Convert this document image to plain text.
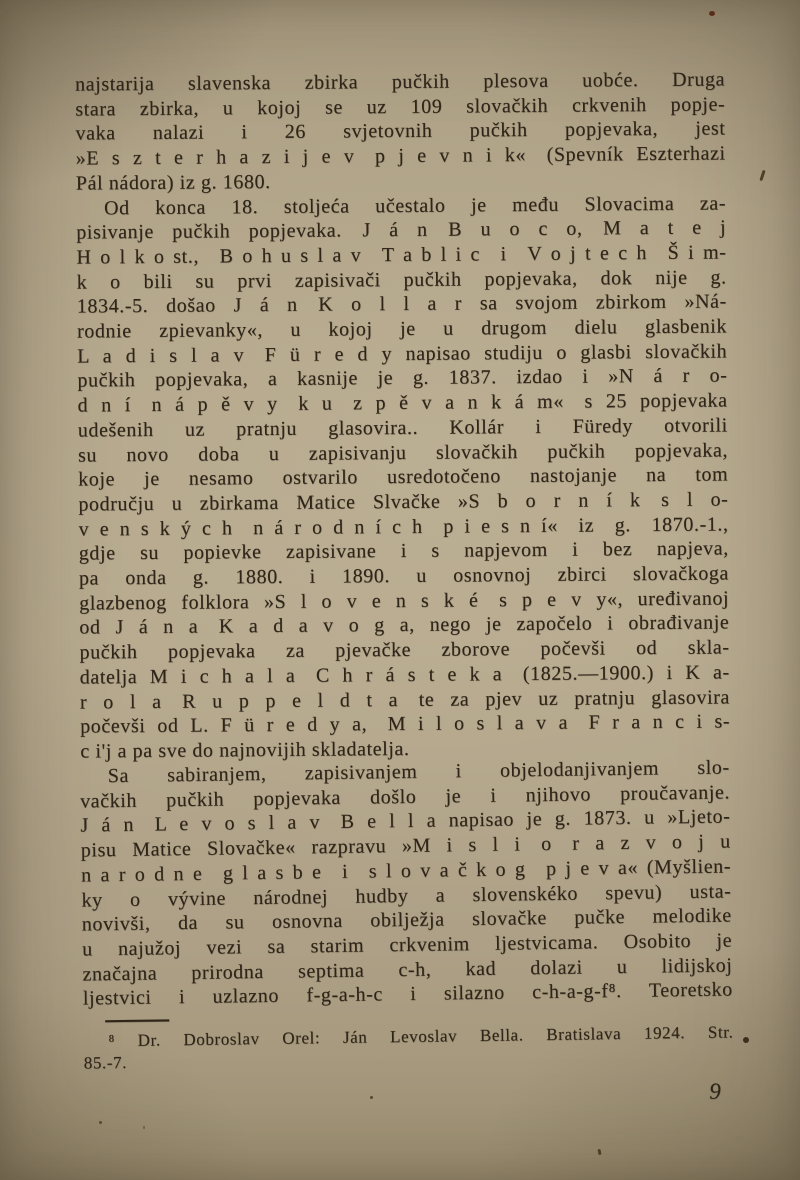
najstarija slavenska zbirka pučkih plesova uobće. Druga
stara zbirka, u kojoj se uz 109 slovačkih crkvenih popje-
vaka nalazi i 26 svjetovnih pučkih popjevaka, jest
»E s z t e r h a z i j e v p j e v n i k« (Spevník Eszterhazi
Pál nádora) iz g. 1680.
Od konca 18. stoljeća učestalo je među Slovacima za-
pisivanje pučkih popjevaka. J á n B u o c o, M a t e j
H o l k o st., B o h u s l a v T a b l i c i V o j t e c h Š i m-
k o bili su prvi zapisivači pučkih popjevaka, dok nije g.
1834.-5. došao J á n K o l l a r sa svojom zbirkom »Ná-
rodnie zpievanky«, u kojoj je u drugom dielu glasbenik
L a d i s l a v F ü r e d y napisao studiju o glasbi slovačkih
pučkih popjevaka, a kasnije je g. 1837. izdao i »N á r o-
d n í n á p ě v y k u z p ě v a n k á m« s 25 popjevaka
udešenih uz pratnju glasovira.. Kollár i Füredy otvorili
su novo doba u zapisivanju slovačkih pučkih popjevaka,
koje je nesamo ostvarilo usredotočeno nastojanje na tom
području u zbirkama Matice Slvačke »S b o r n í k s l o-
v e n s k ý c h n á r o d n í c h p i e s n í« iz g. 1870.-1.,
gdje su popievke zapisivane i s napjevom i bez napjeva,
pa onda g. 1880. i 1890. u osnovnoj zbirci slovačkoga
glazbenog folklora »S l o v e n s k é s p e v y«, uređivanoj
od J á n a K a d a v o g a, nego je započelo i obrađivanje
pučkih popjevaka za pjevačke zborove počevši od skla-
datelja M i c h a l a C h r á s t e k a (1825.—1900.) i K a-
r o l a R u p p e l d t a te za pjev uz pratnju glasovira
počevši od L. F ü r e d y a, M i l o s l a v a F r a n c i s-
c i'j a pa sve do najnovijih skladatelja.
Sa sabiranjem, zapisivanjem i objelodanjivanjem slo-
vačkih pučkih popjevaka došlo je i njihovo proučavanje.
J á n L e v o s l a v B e l l a napisao je g. 1873. u »Ljeto-
pisu Matice Slovačke« razpravu »M i s l i o r a z v o j u
n a r o d n e g l a s b e i s l o v a č k o g p j e v a« (Myšlien-
ky o vývine národnej hudby a slovenskéko spevu) usta-
novivši, da su osnovna obilježja slovačke pučke melodike
u najužoj vezi sa starim crkvenim ljestvicama. Osobito je
značajna prirodna septima c-h, kad dolazi u lidijskoj
ljestvici i uzlazno f-g-a-h-c i silazno c-h-a-g-f⁸. Teoretsko
⁸ Dr. Dobroslav Orel: Ján Levoslav Bella. Bratislava 1924. Str.
85.-7.
9
